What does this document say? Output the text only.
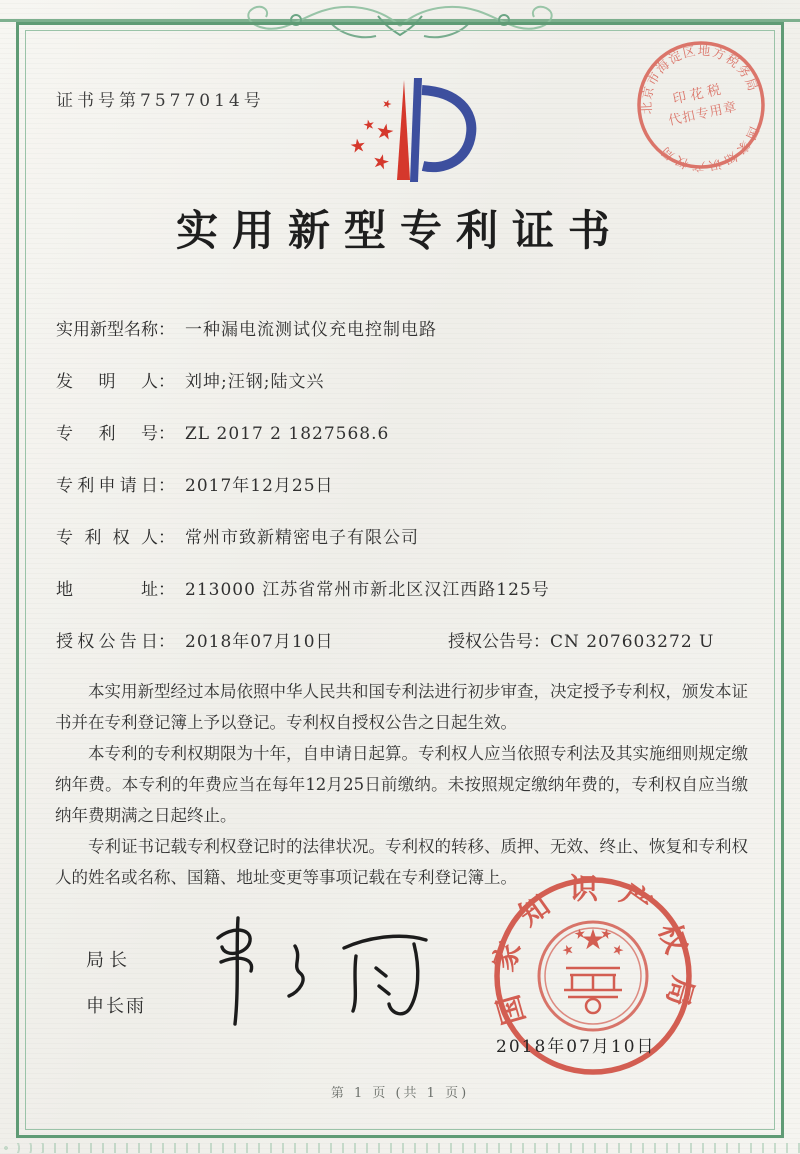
证书号第7577014号
实用新型专利证书
实用新型名称： 一种漏电流测试仪充电控制电路
发明人： 刘坤;汪钢;陆文兴
专利号： ZL 2017 2 1827568.6
专利申请日： 2017年12月25日
专利权人： 常州市致新精密电子有限公司
地址： 213000 江苏省常州市新北区汉江西路125号
授权公告日： 2018年07月10日	授权公告号：CN 207603272 U

本实用新型经过本局依照中华人民共和国专利法进行初步审查，决定授予专利权，颁发本证书并在专利登记簿上予以登记。专利权自授权公告之日起生效。

本专利的专利权期限为十年，自申请日起算。专利权人应当依照专利法及其实施细则规定缴纳年费。本专利的年费应当在每年12月25日前缴纳。未按照规定缴纳年费的，专利权自应当缴纳年费期满之日起终止。

专利证书记载专利权登记时的法律状况。专利权的转移、质押、无效、终止、恢复和专利权人的姓名或名称、国籍、地址变更等事项记载在专利登记簿上。

局长
申长雨	国家知识产权局
2018年07月10日
北京市海淀区地方税务局
国家知识产权局
印花税
代扣专用章
第 1 页 (共 1 页)
